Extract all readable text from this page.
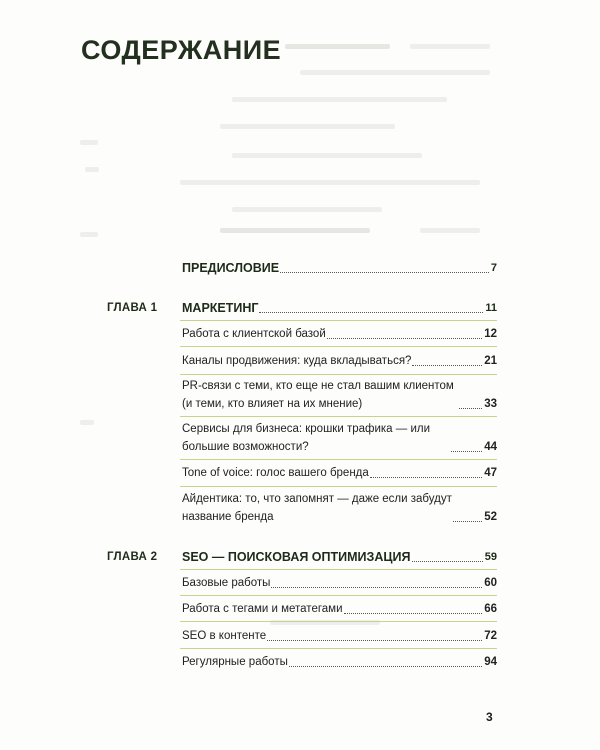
СОДЕРЖАНИЕ
ПРЕДИСЛОВИЕ	7
ГЛАВА 1 МАРКЕТИНГ	11
Работа с клиентской базой	12
Каналы продвижения: куда вкладываться?	21
PR-связи с теми, кто еще не стал вашим клиентом (и теми, кто влияет на их мнение)	33
Сервисы для бизнеса: крошки трафика — или большие возможности?	44
Tone of voice: голос вашего бренда	47
Айдентика: то, что запомнят — даже если забудут название бренда	52
ГЛАВА 2 SEO — ПОИСКОВАЯ ОПТИМИЗАЦИЯ	59
Базовые работы	60
Работа с тегами и метатегами	66
SEO в контенте	72
Регулярные работы	94
3
